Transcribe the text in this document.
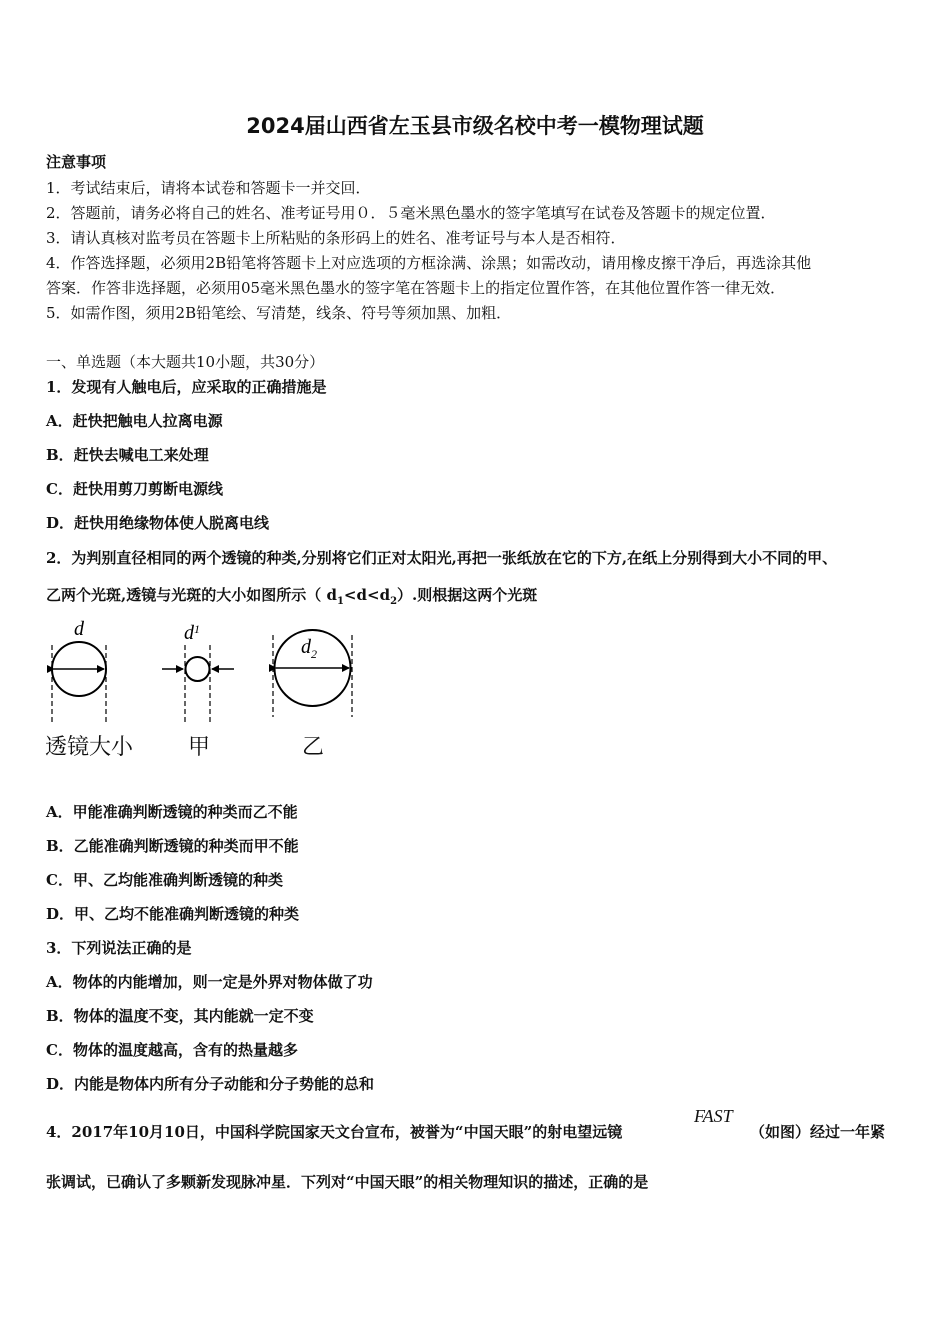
2024届山西省左玉县市级名校中考一模物理试题
注意事项
1．考试结束后，请将本试卷和答题卡一并交回．
2．答题前，请务必将自己的姓名、准考证号用０．５毫米黑色墨水的签字笔填写在试卷及答题卡的规定位置．
3．请认真核对监考员在答题卡上所粘贴的条形码上的姓名、准考证号与本人是否相符．
4．作答选择题，必须用2B铅笔将答题卡上对应选项的方框涂满、涂黑；如需改动，请用橡皮擦干净后，再选涂其他
答案．作答非选择题，必须用05毫米黑色墨水的签字笔在答题卡上的指定位置作答，在其他位置作答一律无效．
5．如需作图，须用2B铅笔绘、写清楚，线条、符号等须加黑、加粗．
一、单选题（本大题共10小题，共30分）
1．发现有人触电后，应采取的正确措施是
A．赶快把触电人拉离电源
B．赶快去喊电工来处理
C．赶快用剪刀剪断电源线
D．赶快用绝缘物体使人脱离电线
2．为判别直径相同的两个透镜的种类,分别将它们正对太阳光,再把一张纸放在它的下方,在纸上分别得到大小不同的甲、
乙两个光斑,透镜与光斑的大小如图所示（ $d_1<d<d_2$）.则根据这两个光斑
d	$d^1$
$d_2$
透镜大小 甲	乙
A．甲能准确判断透镜的种类而乙不能
B．乙能准确判断透镜的种类而甲不能
C．甲、乙均能准确判断透镜的种类
D．甲、乙均不能准确判断透镜的种类
3．下列说法正确的是
A．物体的内能增加，则一定是外界对物体做了功
B．物体的温度不变，其内能就一定不变
C．物体的温度越高，含有的热量越多
D．内能是物体内所有分子动能和分子势能的总和
4．2017年10月10日，中国科学院国家天文台宣布，被誉为“中国天眼”的射电望远镜
FAST
（如图）经过一年紧
张调试，已确认了多颗新发现脉冲星．下列对“中国天眼”的相关物理知识的描述，正确的是
